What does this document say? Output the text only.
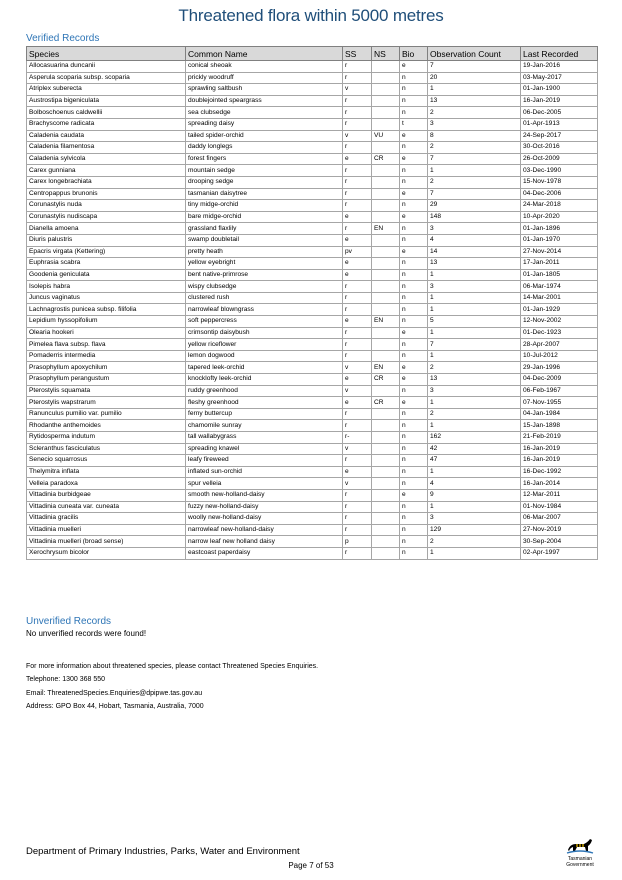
Threatened flora within 5000 metres
Verified Records
Species	Common Name	SS	NS	Bio	Observation Count	Last Recorded
Allocasuarina duncanii	conical sheoak	r		e	7	19-Jan-2016
Asperula scoparia subsp. scoparia	prickly woodruff	r		n	20	03-May-2017
Atriplex suberecta	sprawling saltbush	v		n	1	01-Jan-1900
Austrostipa bigeniculata	doublejointed speargrass	r		n	13	16-Jan-2019
Bolboschoenus caldwellii	sea clubsedge	r		n	2	06-Dec-2005
Brachyscome radicata	spreading daisy	r		t	3	01-Apr-1913
Caladenia caudata	tailed spider-orchid	v	VU	e	8	24-Sep-2017
Caladenia filamentosa	daddy longlegs	r		n	2	30-Oct-2016
Caladenia sylvicola	forest fingers	e	CR	e	7	26-Oct-2009
Carex gunniana	mountain sedge	r		n	1	03-Dec-1990
Carex longebrachiata	drooping sedge	r		n	2	15-Nov-1978
Centropappus brunonis	tasmanian daisytree	r		e	7	04-Dec-2006
Corunastylis nuda	tiny midge-orchid	r		n	29	24-Mar-2018
Corunastylis nudiscapa	bare midge-orchid	e		e	148	10-Apr-2020
Dianella amoena	grassland flaxlily	r	EN	n	3	01-Jan-1896
Diuris palustris	swamp doubletail	e		n	4	01-Jan-1970
Epacris virgata (Kettering)	pretty heath	pv		e	14	27-Nov-2014
Euphrasia scabra	yellow eyebright	e		n	13	17-Jan-2011
Goodenia geniculata	bent native-primrose	e		n	1	01-Jan-1805
Isolepis habra	wispy clubsedge	r		n	3	06-Mar-1974
Juncus vaginatus	clustered rush	r		n	1	14-Mar-2001
Lachnagrostis punicea subsp. filifolia	narrowleaf blowngrass	r		n	1	01-Jan-1929
Lepidium hyssopifolium	soft peppercress	e	EN	n	5	12-Nov-2002
Olearia hookeri	crimsontip daisybush	r		e	1	01-Dec-1923
Pimelea flava subsp. flava	yellow riceflower	r		n	7	28-Apr-2007
Pomaderris intermedia	lemon dogwood	r		n	1	10-Jul-2012
Prasophyllum apoxychilum	tapered leek-orchid	v	EN	e	2	29-Jan-1996
Prasophyllum perangustum	knocklofty leek-orchid	e	CR	e	13	04-Dec-2009
Pterostylis squamata	ruddy greenhood	v		n	3	06-Feb-1967
Pterostylis wapstrarum	fleshy greenhood	e	CR	e	1	07-Nov-1955
Ranunculus pumilio var. pumilio	ferny buttercup	r		n	2	04-Jan-1984
Rhodanthe anthemoides	chamomile sunray	r		n	1	15-Jan-1898
Rytidosperma indutum	tall wallabygrass	r-		n	162	21-Feb-2019
Scleranthus fasciculatus	spreading knawel	v		n	42	16-Jan-2019
Senecio squarrosus	leafy fireweed	r		n	47	16-Jan-2019
Thelymitra inflata	inflated sun-orchid	e		n	1	16-Dec-1992
Velleia paradoxa	spur velleia	v		n	4	16-Jan-2014
Vittadinia burbidgeae	smooth new-holland-daisy	r		e	9	12-Mar-2011
Vittadinia cuneata var. cuneata	fuzzy new-holland-daisy	r		n	1	01-Nov-1984
Vittadinia gracilis	woolly new-holland-daisy	r		n	3	06-Mar-2007
Vittadinia muelleri	narrowleaf new-holland-daisy	r		n	129	27-Nov-2019
Vittadinia muelleri (broad sense)	narrow leaf new holland daisy	p		n	2	30-Sep-2004
Xerochrysum bicolor	eastcoast paperdaisy	r		n	1	02-Apr-1997
Unverified Records
No unverified records were found!
For more information about threatened species, please contact Threatened Species Enquiries.
Telephone: 1300 368 550
Email: ThreatenedSpecies.Enquiries@dpipwe.tas.gov.au
Address: GPO Box 44, Hobart, Tasmania, Australia, 7000
Department of Primary Industries, Parks, Water and Environment
Page 7 of 53
Tasmanian
Government
